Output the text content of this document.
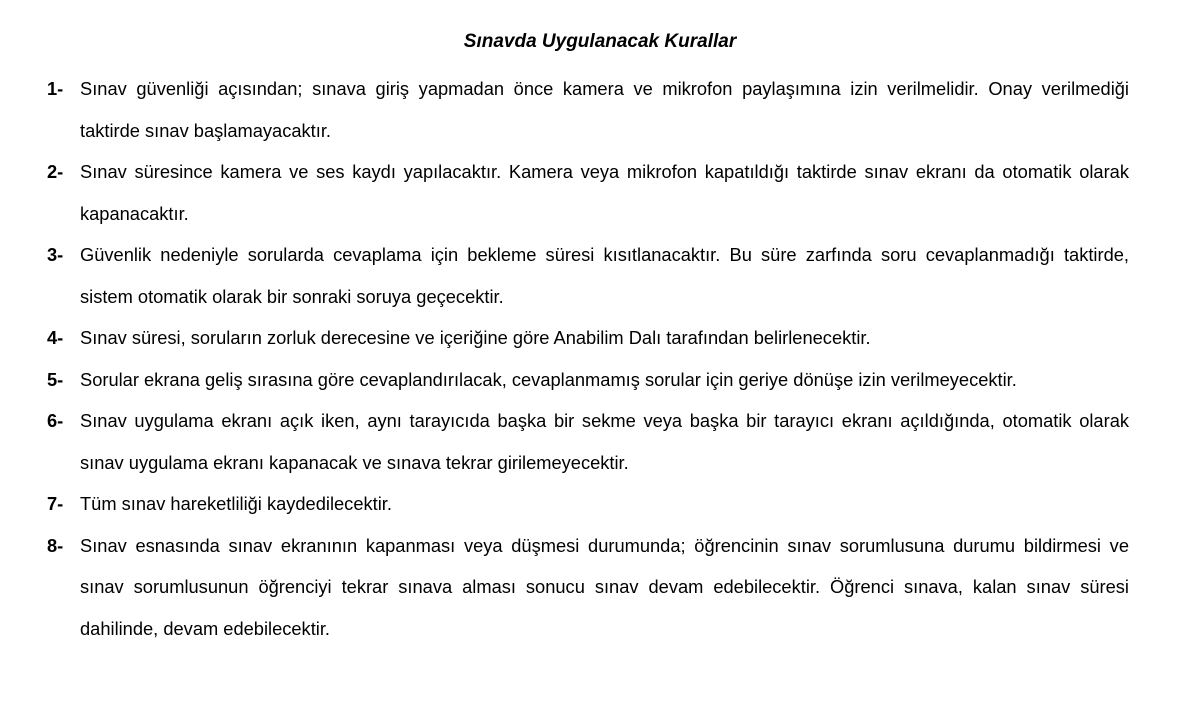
Sınavda Uygulanacak Kurallar
1- Sınav güvenliği açısından; sınava giriş yapmadan önce kamera ve mikrofon paylaşımına izin verilmelidir. Onay verilmediği taktirde sınav başlamayacaktır.
2- Sınav süresince kamera ve ses kaydı yapılacaktır. Kamera veya mikrofon kapatıldığı taktirde sınav ekranı da otomatik olarak kapanacaktır.
3- Güvenlik nedeniyle sorularda cevaplama için bekleme süresi kısıtlanacaktır. Bu süre zarfında soru cevaplanmadığı taktirde, sistem otomatik olarak bir sonraki soruya geçecektir.
4- Sınav süresi, soruların zorluk derecesine ve içeriğine göre Anabilim Dalı tarafından belirlenecektir.
5- Sorular ekrana geliş sırasına göre cevaplandırılacak, cevaplanmamış sorular için geriye dönüşe izin verilmeyecektir.
6- Sınav uygulama ekranı açık iken, aynı tarayıcıda başka bir sekme veya başka bir tarayıcı ekranı açıldığında, otomatik olarak sınav uygulama ekranı kapanacak ve sınava tekrar girilemeyecektir.
7- Tüm sınav hareketliliği kaydedilecektir.
8- Sınav esnasında sınav ekranının kapanması veya düşmesi durumunda; öğrencinin sınav sorumlusuna durumu bildirmesi ve sınav sorumlusunun öğrenciyi tekrar sınava alması sonucu sınav devam edebilecektir. Öğrenci sınava, kalan sınav süresi dahilinde, devam edebilecektir.
